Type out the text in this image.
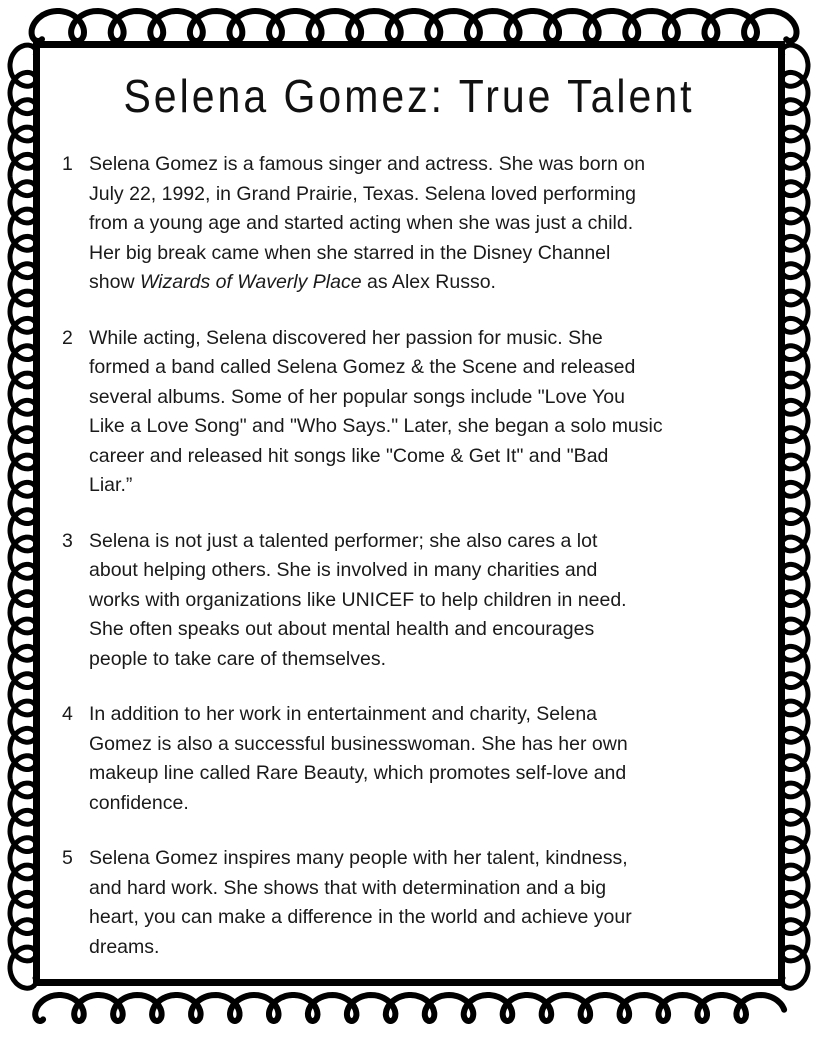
Selena Gomez: True Talent
1 Selena Gomez is a famous singer and actress. She was born on
July 22, 1992, in Grand Prairie, Texas. Selena loved performing
from a young age and started acting when she was just a child.
Her big break came when she starred in the Disney Channel
show Wizards of Waverly Place as Alex Russo.
2 While acting, Selena discovered her passion for music. She
formed a band called Selena Gomez & the Scene and released
several albums. Some of her popular songs include "Love You
Like a Love Song" and "Who Says." Later, she began a solo music
career and released hit songs like "Come & Get It" and "Bad
Liar.”
3 Selena is not just a talented performer; she also cares a lot
about helping others. She is involved in many charities and
works with organizations like UNICEF to help children in need.
She often speaks out about mental health and encourages
people to take care of themselves.
4 In addition to her work in entertainment and charity, Selena
Gomez is also a successful businesswoman. She has her own
makeup line called Rare Beauty, which promotes self-love and
confidence.
5 Selena Gomez inspires many people with her talent, kindness,
and hard work. She shows that with determination and a big
heart, you can make a difference in the world and achieve your
dreams.
